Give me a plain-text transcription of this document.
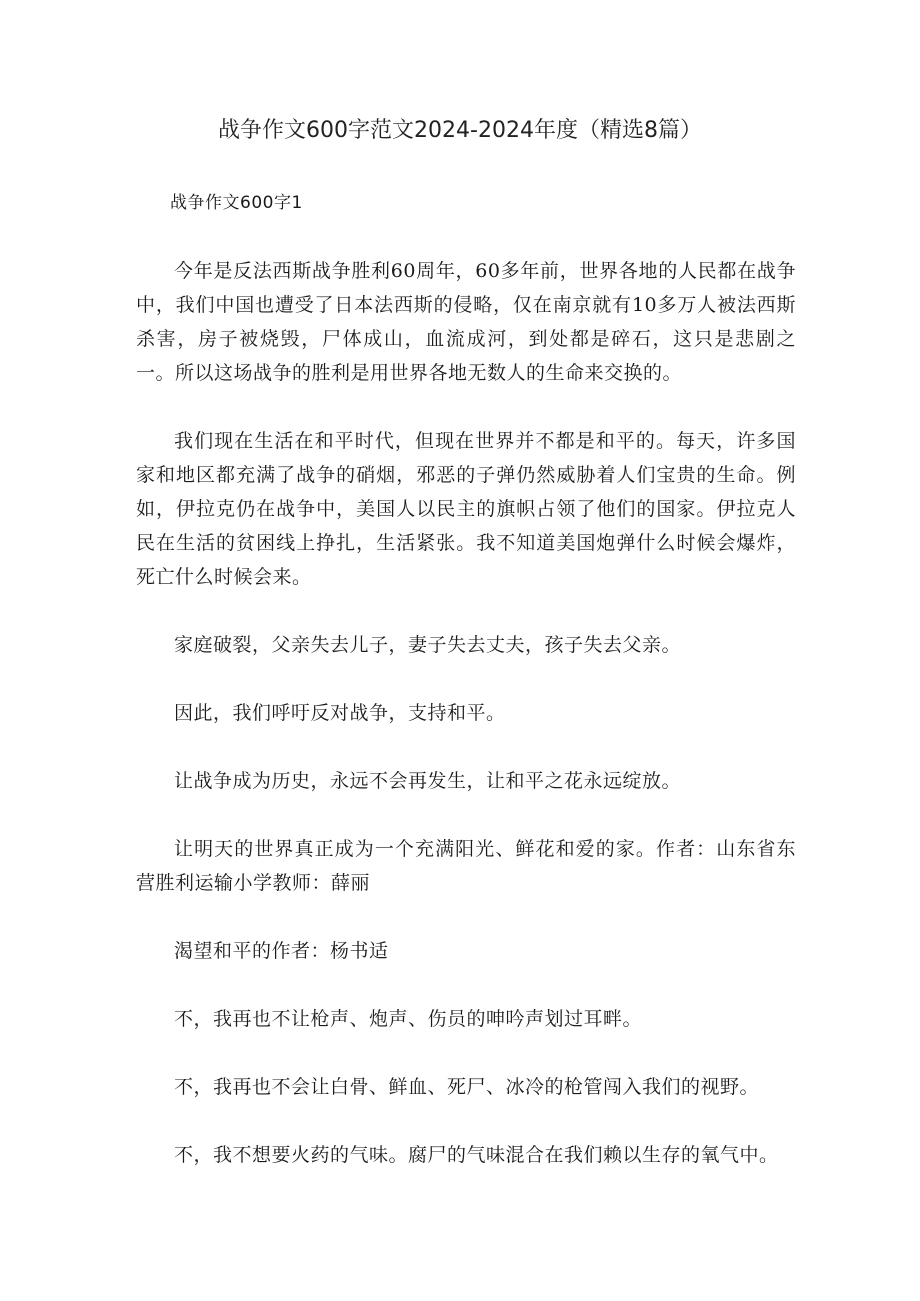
战争作文600字范文2024-2024年度（精选8篇）

战争作文600字1

今年是反法西斯战争胜利60周年，60多年前，世界各地的人民都在战争中，我们中国也遭受了日本法西斯的侵略，仅在南京就有10多万人被法西斯杀害，房子被烧毁，尸体成山，血流成河，到处都是碎石，这只是悲剧之一。所以这场战争的胜利是用世界各地无数人的生命来交换的。

我们现在生活在和平时代，但现在世界并不都是和平的。每天，许多国家和地区都充满了战争的硝烟，邪恶的子弹仍然威胁着人们宝贵的生命。例如，伊拉克仍在战争中，美国人以民主的旗帜占领了他们的国家。伊拉克人民在生活的贫困线上挣扎，生活紧张。我不知道美国炮弹什么时候会爆炸，死亡什么时候会来。

家庭破裂，父亲失去儿子，妻子失去丈夫，孩子失去父亲。

因此，我们呼吁反对战争，支持和平。

让战争成为历史，永远不会再发生，让和平之花永远绽放。

让明天的世界真正成为一个充满阳光、鲜花和爱的家。作者：山东省东营胜利运输小学教师：薛丽

渴望和平的作者：杨书适

不，我再也不让枪声、炮声、伤员的呻吟声划过耳畔。

不，我再也不会让白骨、鲜血、死尸、冰冷的枪管闯入我们的视野。

不，我不想要火药的气味。腐尸的气味混合在我们赖以生存的氧气中。
